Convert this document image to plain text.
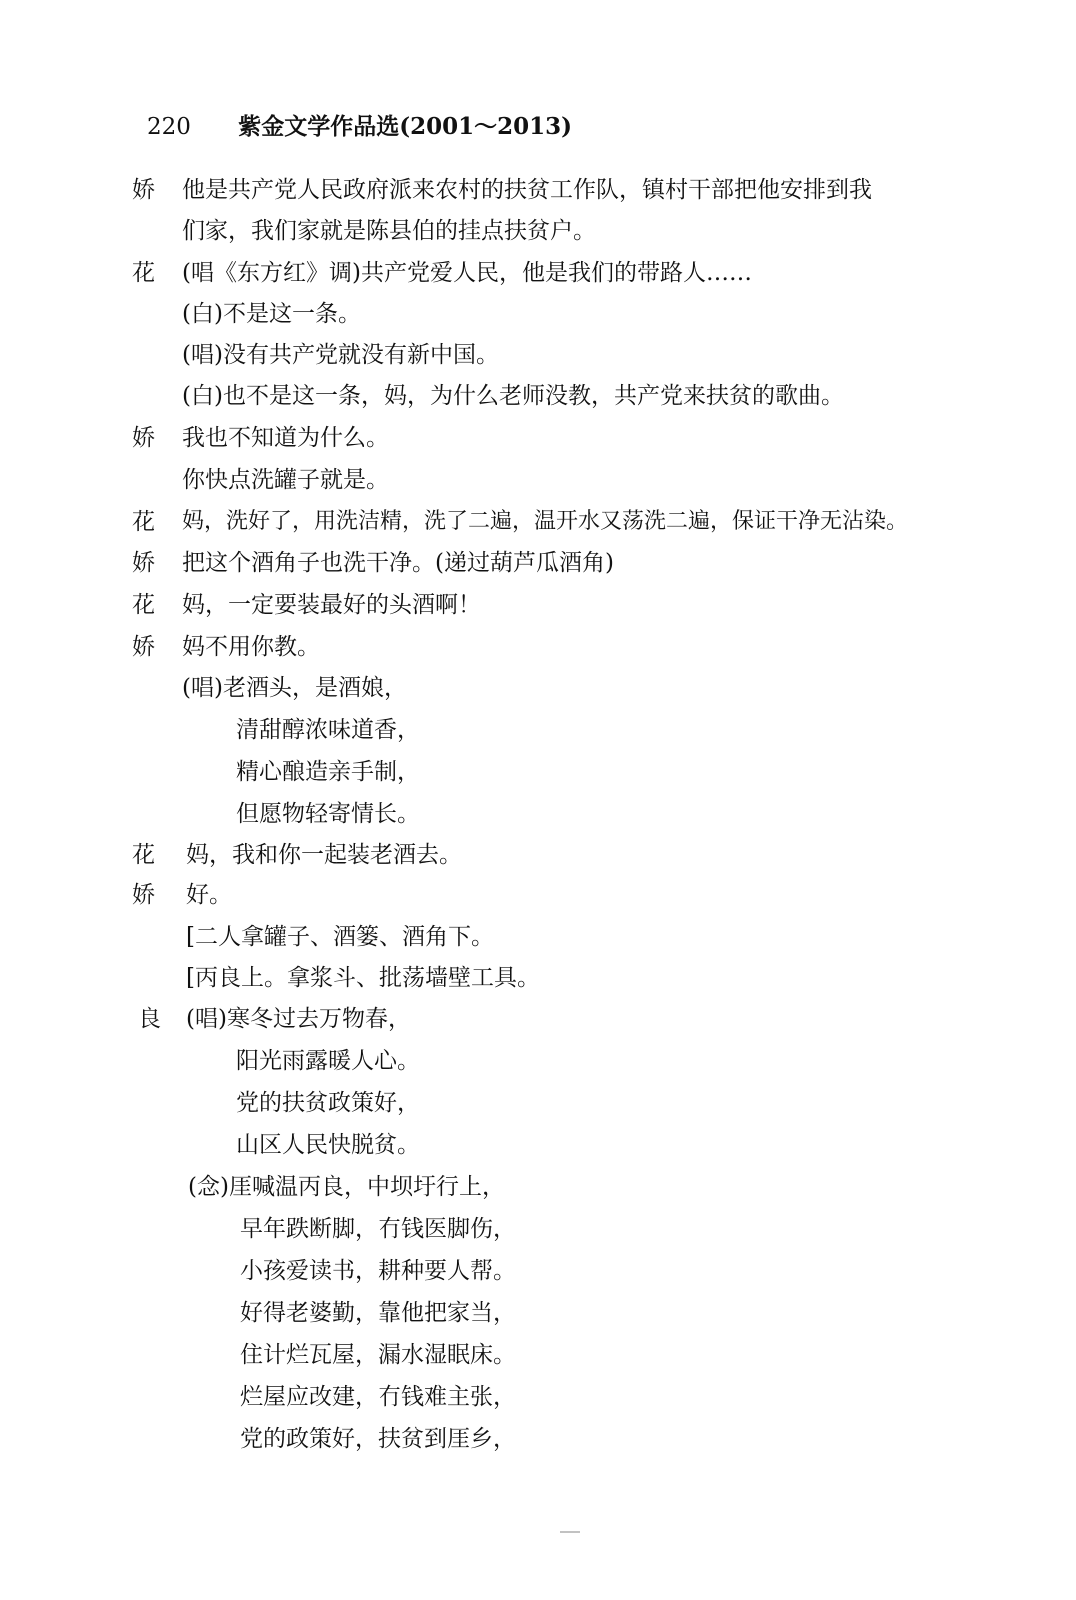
220 紫金文学作品选(2001～2013)
娇
花
娇
花
娇
花
娇
花
娇
良
他是共产党人民政府派来农村的扶贫工作队，镇村干部把他安排到我
们家，我们家就是陈县伯的挂点扶贫户。
(唱《东方红》调)共产党爱人民，他是我们的带路人……
(白)不是这一条。
(唱)没有共产党就没有新中国。
(白)也不是这一条，妈，为什么老师没教，共产党来扶贫的歌曲。
我也不知道为什么。
你快点洗罐子就是。
妈，洗好了，用洗洁精，洗了二遍，温开水又荡洗二遍，保证干净无沾染。
把这个酒角子也洗干净。(递过葫芦瓜酒角)
妈，一定要装最好的头酒啊！
妈不用你教。
(唱)老酒头，是酒娘，
清甜醇浓味道香，
精心酿造亲手制，
但愿物轻寄情长。
妈，我和你一起装老酒去。
好。
[二人拿罐子、酒篓、酒角下。
[丙良上。拿浆斗、批荡墙壁工具。
(唱)寒冬过去万物春，
阳光雨露暖人心。
党的扶贫政策好，
山区人民快脱贫。
(念)厓喊温丙良，中坝圩行上，
早年跌断脚，冇钱医脚伤，
小孩爱读书，耕种要人帮。
好得老婆勤，靠他把家当，
住计烂瓦屋，漏水湿眠床。
烂屋应改建，冇钱难主张，
党的政策好，扶贫到厓乡，
